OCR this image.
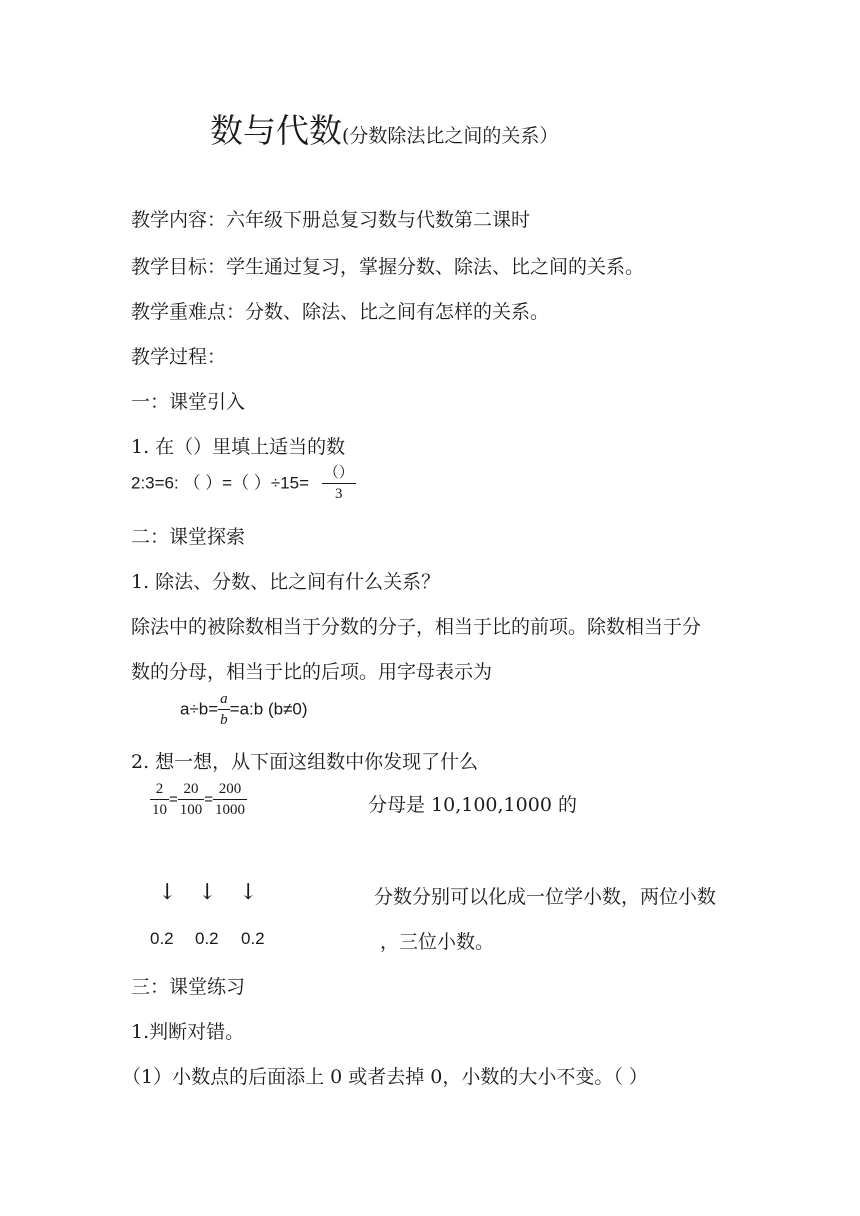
数与代数(分数除法比之间的关系）
教学内容：六年级下册总复习数与代数第二课时
教学目标：学生通过复习，掌握分数、除法、比之间的关系。
教学重难点：分数、除法、比之间有怎样的关系。
教学过程：
一：课堂引入
1. 在（）里填上适当的数
2:3=6: （ ）=（ ）$\div 15= \frac{()}{3}$
二：课堂探索
1. 除法、分数、比之间有什么关系？
除法中的被除数相当于分数的分子，相当于比的前项。除数相当于分
数的分母，相当于比的后项。用字母表示为
$a\div b= \frac{a}{b}$ =a:b (b≠0)
2. 想一想，从下面这组数中你发现了什么
$\frac{2}{10} = \frac{20}{100} = \frac{200}{1000}$	分母是 10,100,1000 的
↓ ↓ ↓	分数分别可以化成一位学小数，两位小数
0.2 0.2 0.2	，三位小数。
三：课堂练习
1.判断对错。
（1）小数点的后面添上 0 或者去掉 0，小数的大小不变。（ ）
